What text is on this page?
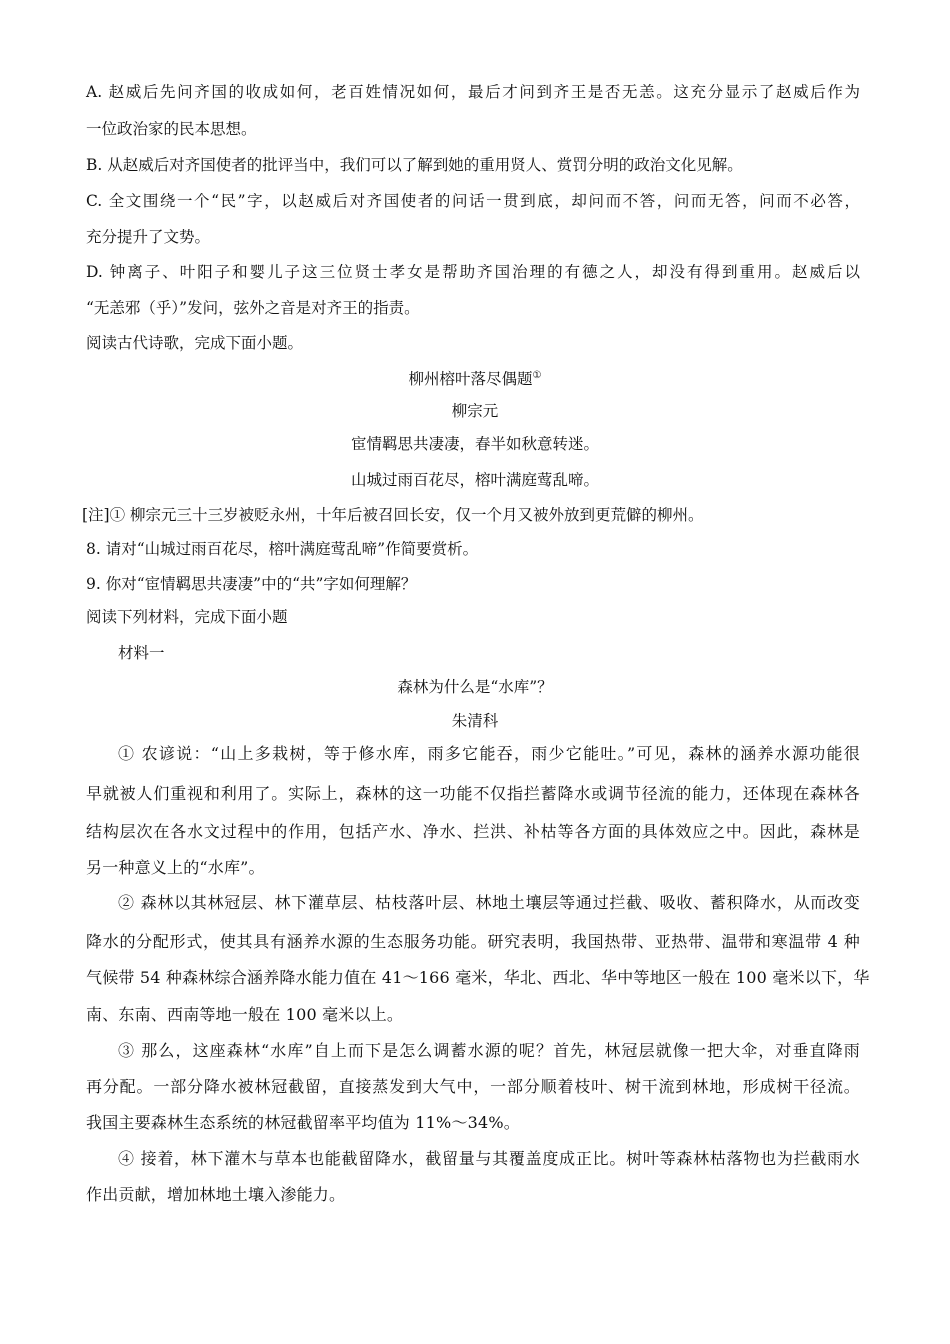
A. 赵威后先问齐国的收成如何，老百姓情况如何，最后才问到齐王是否无恙。这充分显示了赵威后作为
一位政治家的民本思想。
B. 从赵威后对齐国使者的批评当中，我们可以了解到她的重用贤人、赏罚分明的政治文化见解。
C. 全文围绕一个“民”字，以赵威后对齐国使者的问话一贯到底，却问而不答，问而无答，问而不必答，
充分提升了文势。
D. 钟离子、叶阳子和婴儿子这三位贤士孝女是帮助齐国治理的有德之人，却没有得到重用。赵威后以
“无恙邪（乎）”发问，弦外之音是对齐王的指责。
阅读古代诗歌，完成下面小题。
柳州榕叶落尽偶题①
柳宗元
宦情羁思共凄凄，春半如秋意转迷。
山城过雨百花尽，榕叶满庭莺乱啼。
[注]① 柳宗元三十三岁被贬永州，十年后被召回长安，仅一个月又被外放到更荒僻的柳州。
8. 请对“山城过雨百花尽，榕叶满庭莺乱啼”作简要赏析。
9. 你对“宦情羁思共凄凄”中的“共”字如何理解？
阅读下列材料，完成下面小题
材料一
森林为什么是“水库”？
朱清科
① 农谚说：“山上多栽树，等于修水库，雨多它能吞，雨少它能吐。”可见，森林的涵养水源功能很
早就被人们重视和利用了。实际上，森林的这一功能不仅指拦蓄降水或调节径流的能力，还体现在森林各
结构层次在各水文过程中的作用，包括产水、净水、拦洪、补枯等各方面的具体效应之中。因此，森林是
另一种意义上的“水库”。
② 森林以其林冠层、林下灌草层、枯枝落叶层、林地土壤层等通过拦截、吸收、蓄积降水，从而改变
降水的分配形式，使其具有涵养水源的生态服务功能。研究表明，我国热带、亚热带、温带和寒温带 4 种
气候带 54 种森林综合涵养降水能力值在 41～166 毫米，华北、西北、华中等地区一般在 100 毫米以下，华
南、东南、西南等地一般在 100 毫米以上。
③ 那么，这座森林“水库”自上而下是怎么调蓄水源的呢？首先，林冠层就像一把大伞，对垂直降雨
再分配。一部分降水被林冠截留，直接蒸发到大气中，一部分顺着枝叶、树干流到林地，形成树干径流。
我国主要森林生态系统的林冠截留率平均值为 11%～34%。
④ 接着，林下灌木与草本也能截留降水，截留量与其覆盖度成正比。树叶等森林枯落物也为拦截雨水
作出贡献，增加林地土壤入渗能力。
